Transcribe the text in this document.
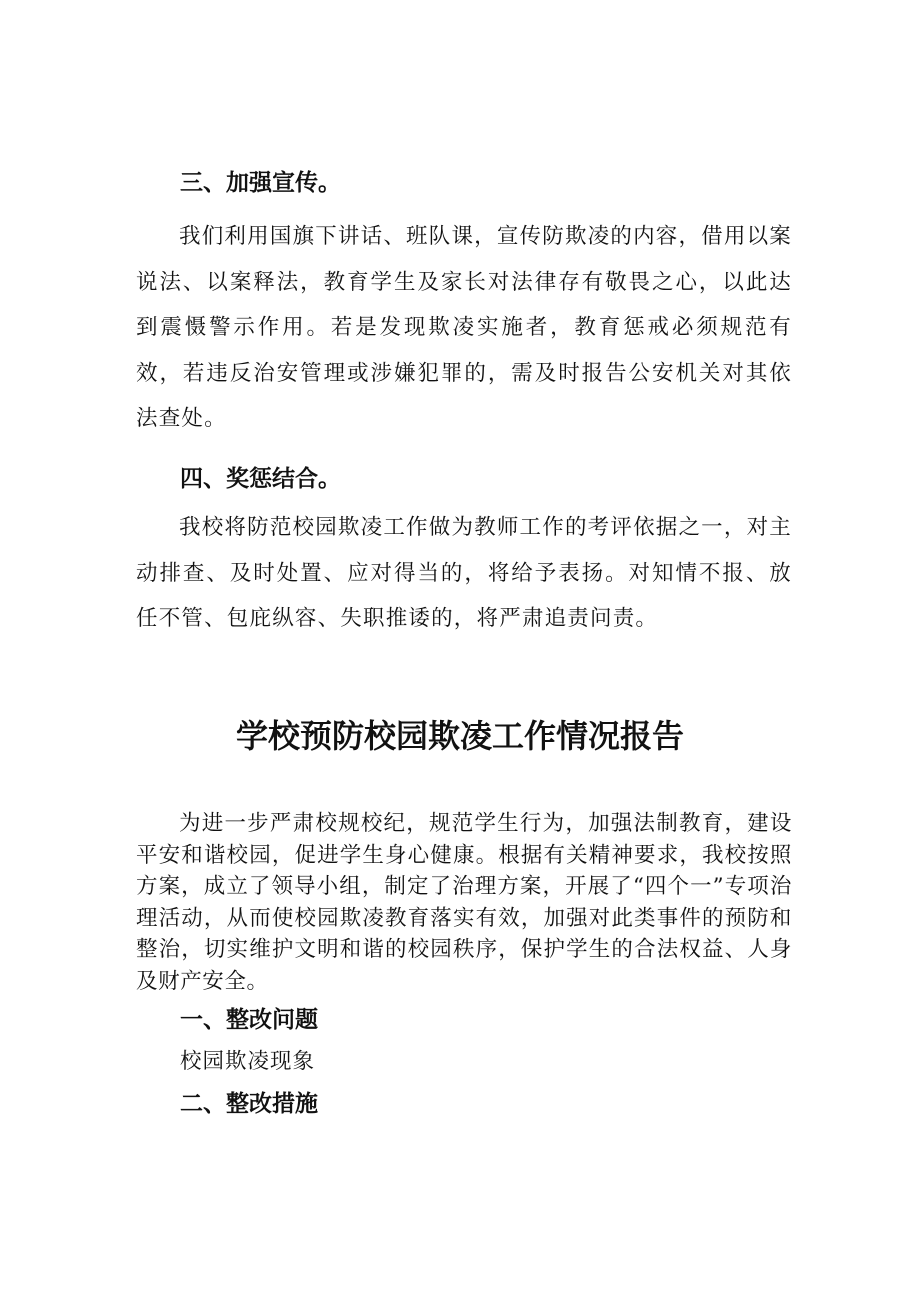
三、加强宣传。

我们利用国旗下讲话、班队课，宣传防欺凌的内容，借用以案说法、以案释法，教育学生及家长对法律存有敬畏之心，以此达到震慑警示作用。若是发现欺凌实施者，教育惩戒必须规范有效，若违反治安管理或涉嫌犯罪的，需及时报告公安机关对其依法查处。

四、奖惩结合。

我校将防范校园欺凌工作做为教师工作的考评依据之一，对主动排查、及时处置、应对得当的，将给予表扬。对知情不报、放任不管、包庇纵容、失职推诿的，将严肃追责问责。

学校预防校园欺凌工作情况报告

为进一步严肃校规校纪，规范学生行为，加强法制教育，建设平安和谐校园，促进学生身心健康。根据有关精神要求，我校按照方案，成立了领导小组，制定了治理方案，开展了“四个一”专项治理活动，从而使校园欺凌教育落实有效，加强对此类事件的预防和整治，切实维护文明和谐的校园秩序，保护学生的合法权益、人身及财产安全。

一、整改问题

校园欺凌现象

二、整改措施
